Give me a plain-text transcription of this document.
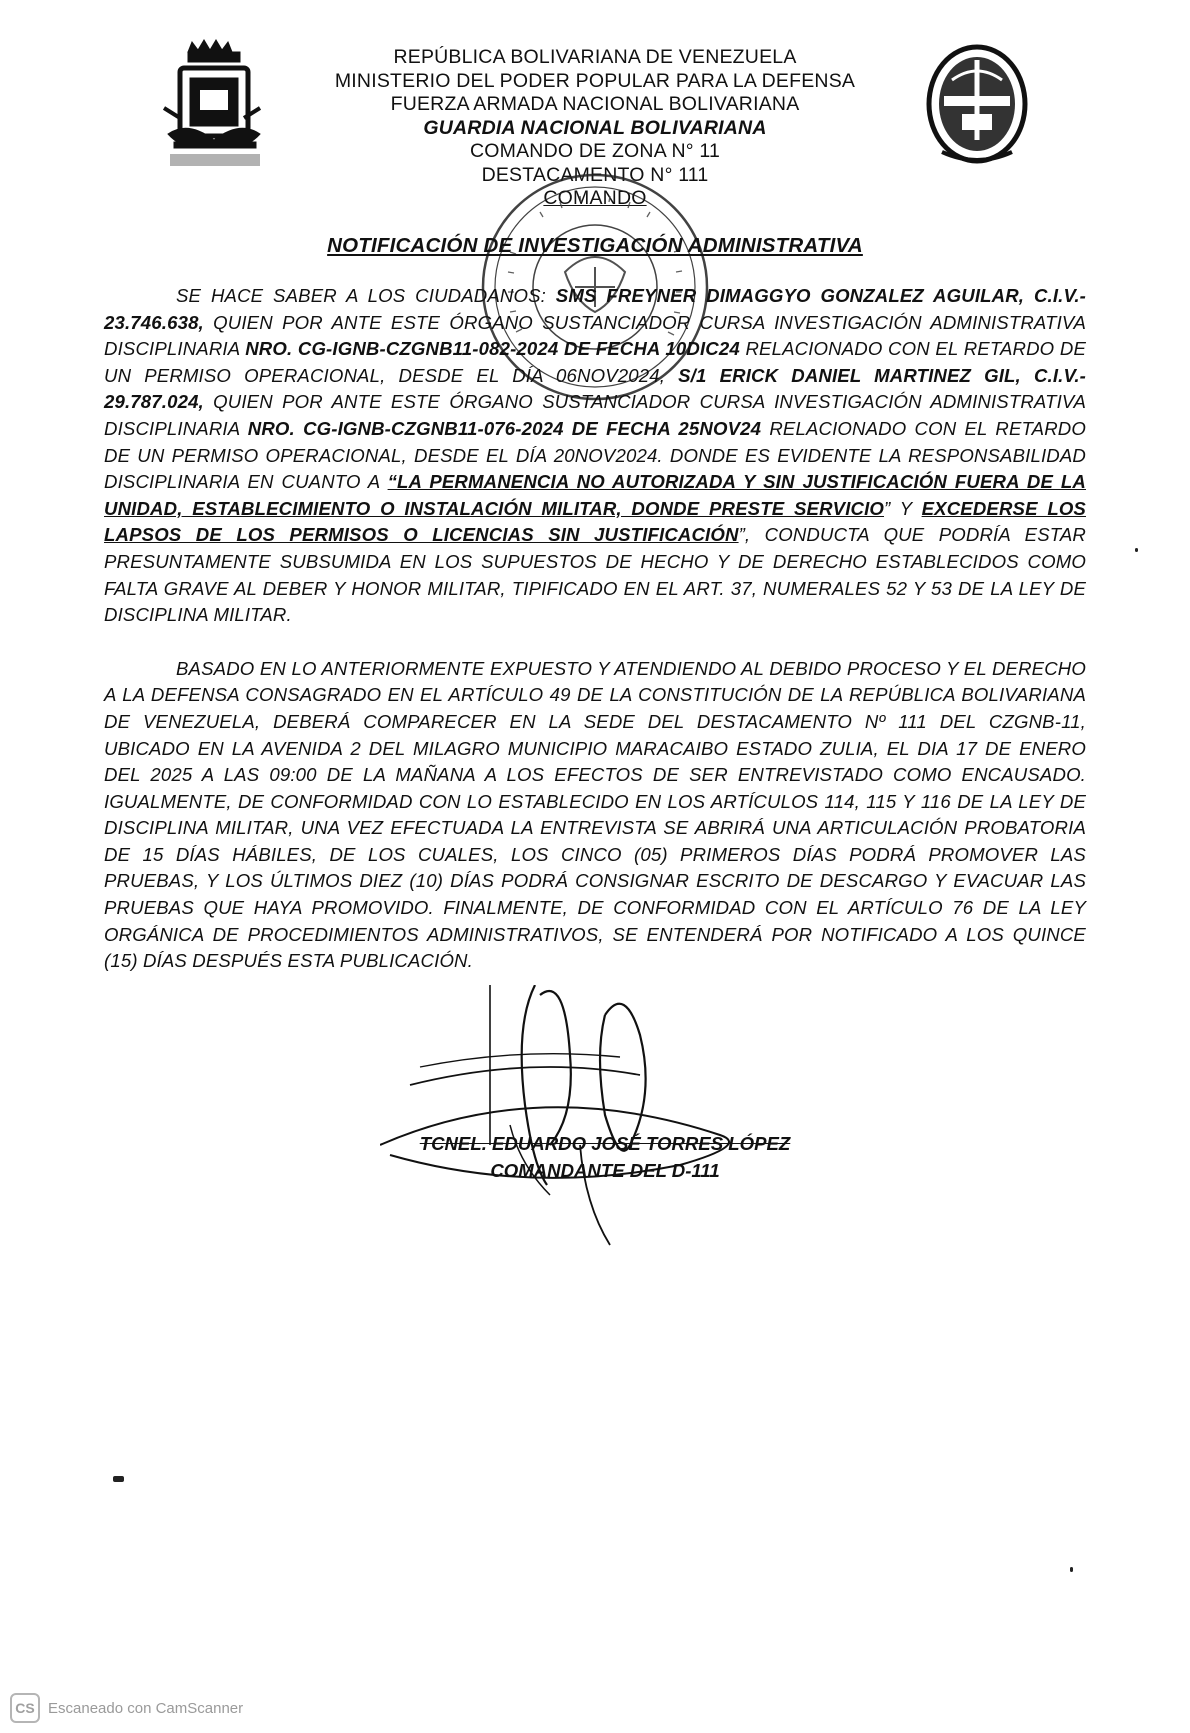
REPÚBLICA BOLIVARIANA DE VENEZUELA
MINISTERIO DEL PODER POPULAR PARA LA DEFENSA
FUERZA ARMADA NACIONAL BOLIVARIANA
GUARDIA NACIONAL BOLIVARIANA
COMANDO DE ZONA N° 11
DESTACAMENTO N° 111
COMANDO
NOTIFICACIÓN DE INVESTIGACIÓN ADMINISTRATIVA

SE HACE SABER A LOS CIUDADANOS: SMS FREYNER DIMAGGYO GONZALEZ AGUILAR, C.I.V.- 23.746.638, QUIEN POR ANTE ESTE ÓRGANO SUSTANCIADOR CURSA INVESTIGACIÓN ADMINISTRATIVA DISCIPLINARIA NRO. CG-IGNB-CZGNB11-082-2024 DE FECHA 10DIC24 RELACIONADO CON EL RETARDO DE UN PERMISO OPERACIONAL, DESDE EL DÍA 06NOV2024, S/1 ERICK DANIEL MARTINEZ GIL, C.I.V.- 29.787.024, QUIEN POR ANTE ESTE ÓRGANO SUSTANCIADOR CURSA INVESTIGACIÓN ADMINISTRATIVA DISCIPLINARIA NRO. CG-IGNB-CZGNB11-076-2024 DE FECHA 25NOV24 RELACIONADO CON EL RETARDO DE UN PERMISO OPERACIONAL, DESDE EL DÍA 20NOV2024. DONDE ES EVIDENTE LA RESPONSABILIDAD DISCIPLINARIA EN CUANTO A “LA PERMANENCIA NO AUTORIZADA Y SIN JUSTIFICACIÓN FUERA DE LA UNIDAD, ESTABLECIMIENTO O INSTALACIÓN MILITAR, DONDE PRESTE SERVICIO” Y EXCEDERSE LOS LAPSOS DE LOS PERMISOS O LICENCIAS SIN JUSTIFICACIÓN”, CONDUCTA QUE PODRÍA ESTAR PRESUNTAMENTE SUBSUMIDA EN LOS SUPUESTOS DE HECHO Y DE DERECHO ESTABLECIDOS COMO FALTA GRAVE AL DEBER Y HONOR MILITAR, TIPIFICADO EN EL ART. 37, NUMERALES 52 Y 53 DE LA LEY DE DISCIPLINA MILITAR.

BASADO EN LO ANTERIORMENTE EXPUESTO Y ATENDIENDO AL DEBIDO PROCESO Y EL DERECHO A LA DEFENSA CONSAGRADO EN EL ARTÍCULO 49 DE LA CONSTITUCIÓN DE LA REPÚBLICA BOLIVARIANA DE VENEZUELA, DEBERÁ COMPARECER EN LA SEDE DEL DESTACAMENTO Nº 111 DEL CZGNB-11, UBICADO EN LA AVENIDA 2 DEL MILAGRO MUNICIPIO MARACAIBO ESTADO ZULIA, EL DIA 17 DE ENERO DEL 2025 A LAS 09:00 DE LA MAÑANA A LOS EFECTOS DE SER ENTREVISTADO COMO ENCAUSADO. IGUALMENTE, DE CONFORMIDAD CON LO ESTABLECIDO EN LOS ARTÍCULOS 114, 115 Y 116 DE LA LEY DE DISCIPLINA MILITAR, UNA VEZ EFECTUADA LA ENTREVISTA SE ABRIRÁ UNA ARTICULACIÓN PROBATORIA DE 15 DÍAS HÁBILES, DE LOS CUALES, LOS CINCO (05) PRIMEROS DÍAS PODRÁ PROMOVER LAS PRUEBAS, Y LOS ÚLTIMOS DIEZ (10) DÍAS PODRÁ CONSIGNAR ESCRITO DE DESCARGO Y EVACUAR LAS PRUEBAS QUE HAYA PROMOVIDO. FINALMENTE, DE CONFORMIDAD CON EL ARTÍCULO 76 DE LA LEY ORGÁNICA DE PROCEDIMIENTOS ADMINISTRATIVOS, SE ENTENDERÁ POR NOTIFICADO A LOS QUINCE (15) DÍAS DESPUÉS ESTA PUBLICACIÓN.

TCNEL. EDUARDO JOSÉ TORRES LÓPEZ
COMANDANTE DEL D-111
CS Escaneado con CamScanner
